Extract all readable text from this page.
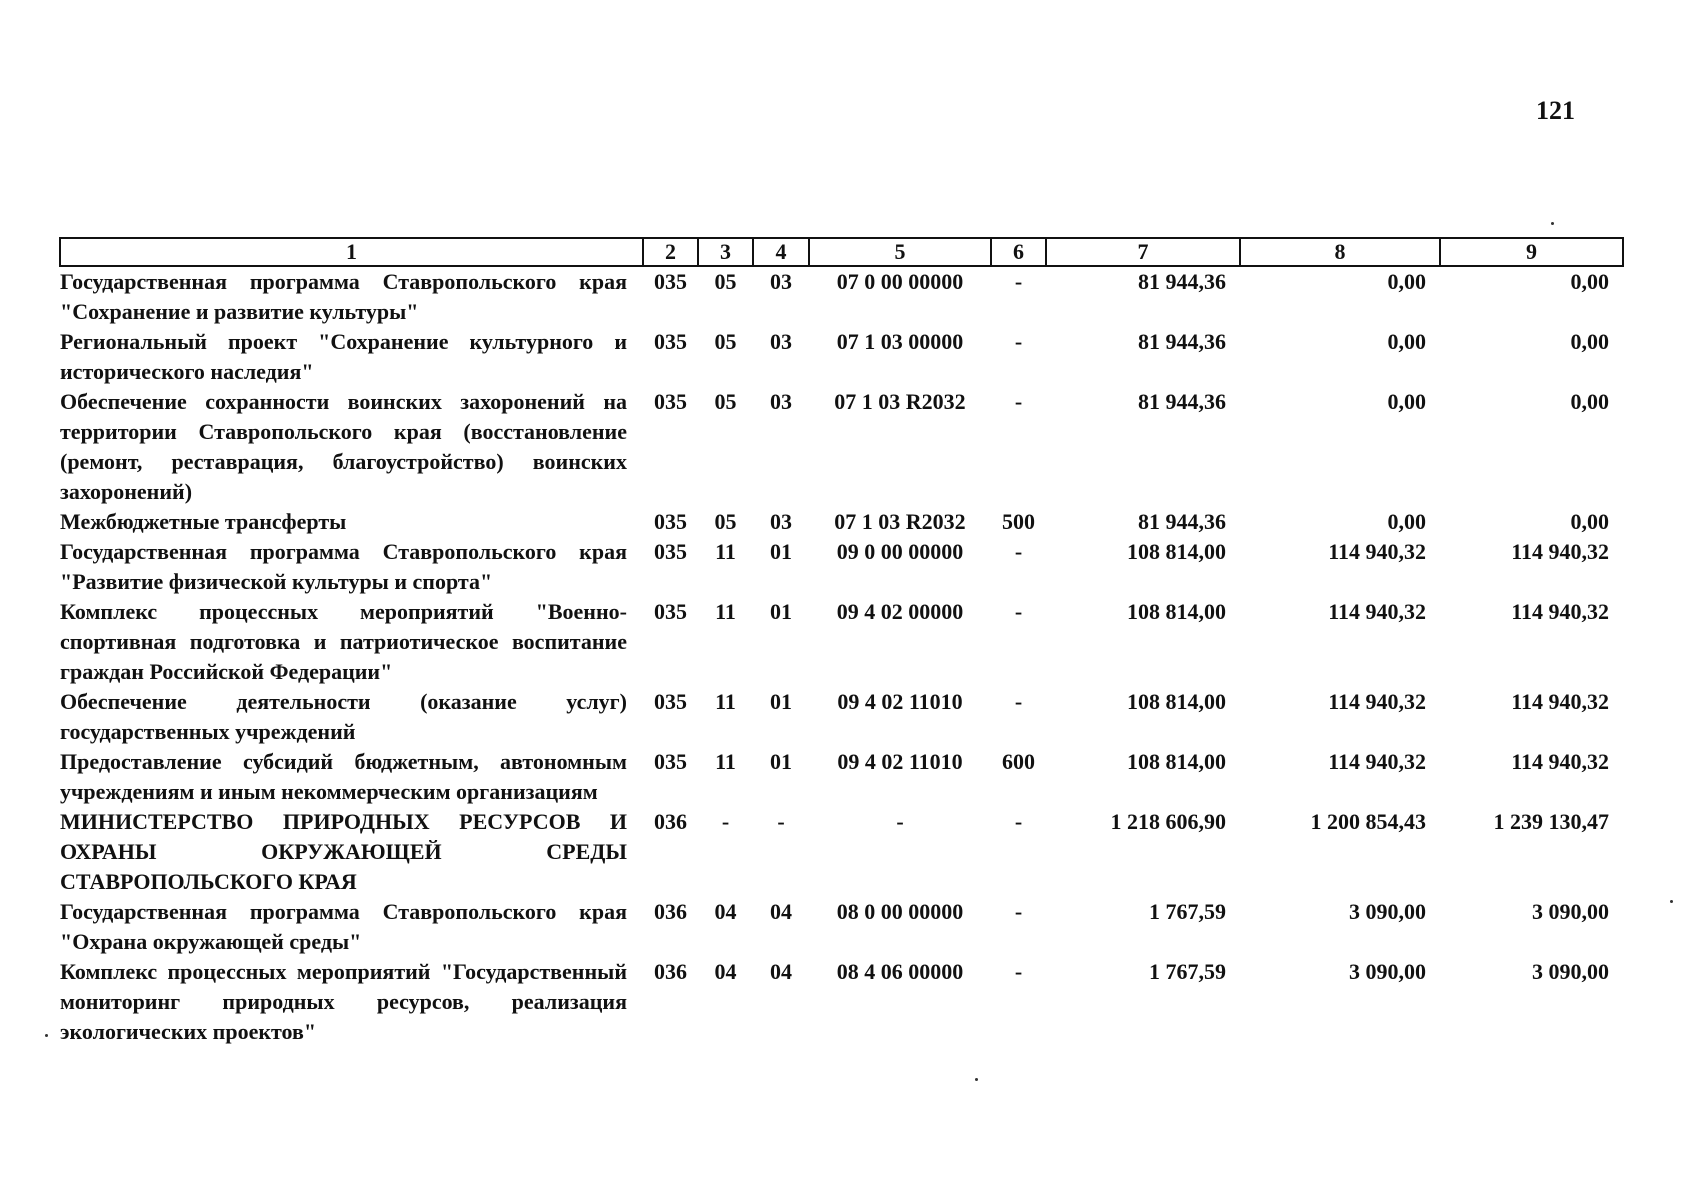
121
1	2	3	4	5	6	7	8	9
Государственная программа Ставропольского края "Сохранение и развитие культуры"	035	05	03	07 0 00 00000	-	81 944,36	0,00	0,00
Региональный проект "Сохранение культурного и исторического наследия"	035	05	03	07 1 03 00000	-	81 944,36	0,00	0,00
Обеспечение сохранности воинских захоронений на территории Ставропольского края (восстановление (ремонт, реставрация, благоустройство) воинских захоронений)	035	05	03	07 1 03 R2032	-	81 944,36	0,00	0,00
Межбюджетные трансферты	035	05	03	07 1 03 R2032	500	81 944,36	0,00	0,00
Государственная программа Ставропольского края "Развитие физической культуры и спорта"	035	11	01	09 0 00 00000	-	108 814,00	114 940,32	114 940,32
Комплекс процессных мероприятий "Военно-спортивная подготовка и патриотическое воспитание граждан Российской Федерации"	035	11	01	09 4 02 00000	-	108 814,00	114 940,32	114 940,32
Обеспечение деятельности (оказание услуг) государственных учреждений	035	11	01	09 4 02 11010	-	108 814,00	114 940,32	114 940,32
Предоставление субсидий бюджетным, автономным учреждениям и иным некоммерческим организациям	035	11	01	09 4 02 11010	600	108 814,00	114 940,32	114 940,32
МИНИСТЕРСТВО ПРИРОДНЫХ РЕСУРСОВ И ОХРАНЫ ОКРУЖАЮЩЕЙ СРЕДЫ СТАВРОПОЛЬСКОГО КРАЯ	036	-	-	-	-	1 218 606,90	1 200 854,43	1 239 130,47
Государственная программа Ставропольского края "Охрана окружающей среды"	036	04	04	08 0 00 00000	-	1 767,59	3 090,00	3 090,00
Комплекс процессных мероприятий "Государственный мониторинг природных ресурсов, реализация экологических проектов"	036	04	04	08 4 06 00000	-	1 767,59	3 090,00	3 090,00
